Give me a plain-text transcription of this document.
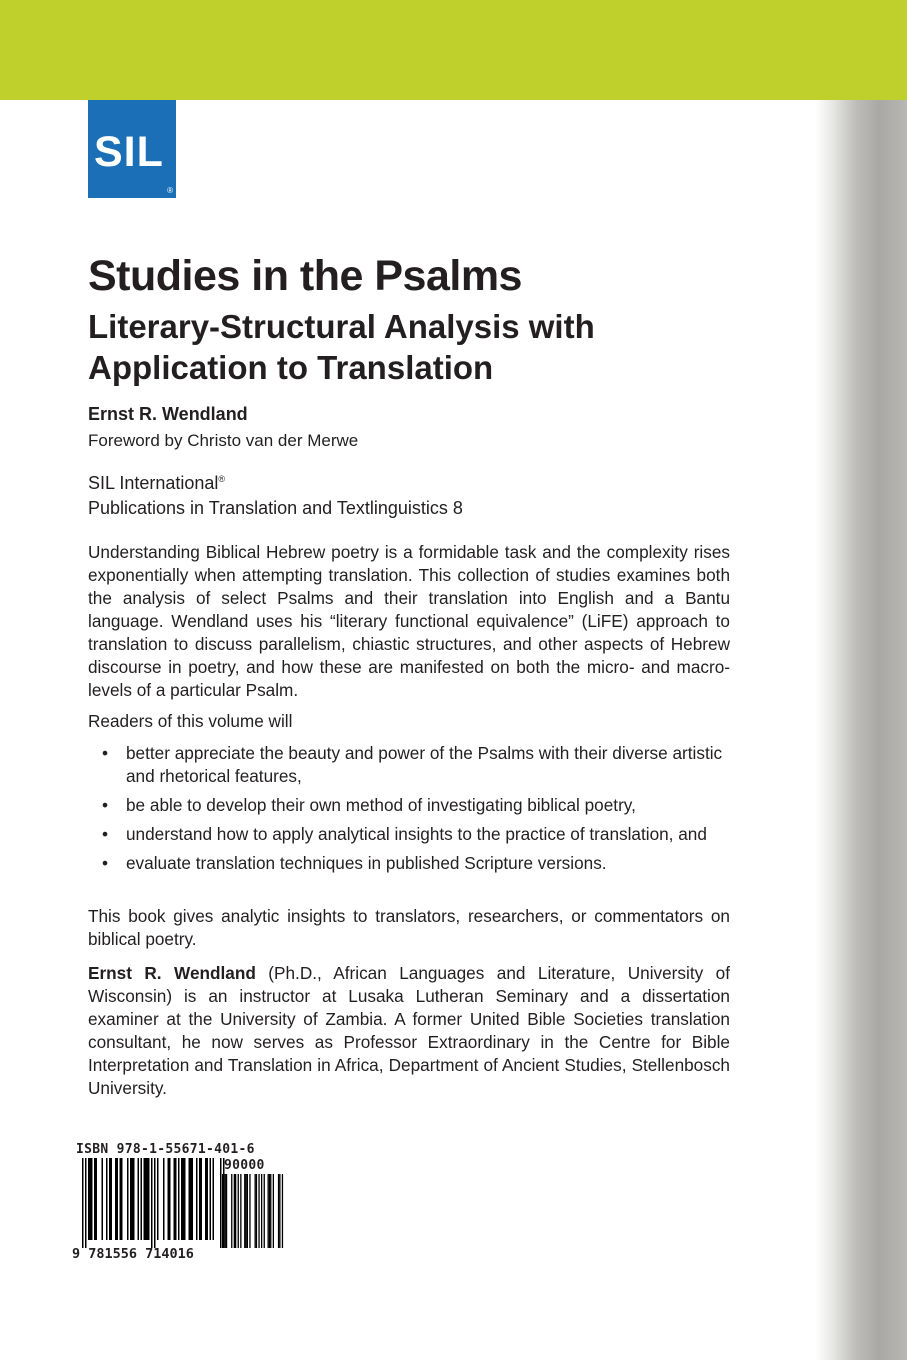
SIL
®
Studies in the Psalms
Literary-Structural Analysis with
Application to Translation
Ernst R. Wendland
Foreword by Christo van der Merwe
SIL International®
Publications in Translation and Textlinguistics 8

Understanding Biblical Hebrew poetry is a formidable task and the complexity rises exponentially when attempting translation. This collection of studies examines both the analysis of select Psalms and their translation into English and a Bantu language. Wendland uses his “literary functional equivalence” (LiFE) approach to translation to discuss parallelism, chiastic structures, and other aspects of Hebrew discourse in poetry, and how these are manifested on both the micro- and macro-levels of a particular Psalm.

Readers of this volume will
• better appreciate the beauty and power of the Psalms with their diverse artistic and rhetorical features,
• be able to develop their own method of investigating biblical poetry,
• understand how to apply analytical insights to the practice of translation, and
• evaluate translation techniques in published Scripture versions.

This book gives analytic insights to translators, researchers, or commentators on biblical poetry.

Ernst R. Wendland (Ph.D., African Languages and Literature, University of Wisconsin) is an instructor at Lusaka Lutheran Seminary and a dissertation examiner at the University of Zambia. A former United Bible Societies translation consultant, he now serves as Professor Extraordinary in the Centre for Bible Interpretation and Translation in Africa, Department of Ancient Studies, Stellenbosch University.

ISBN 978-1-55671-401-6
90000
9 781556 714016
